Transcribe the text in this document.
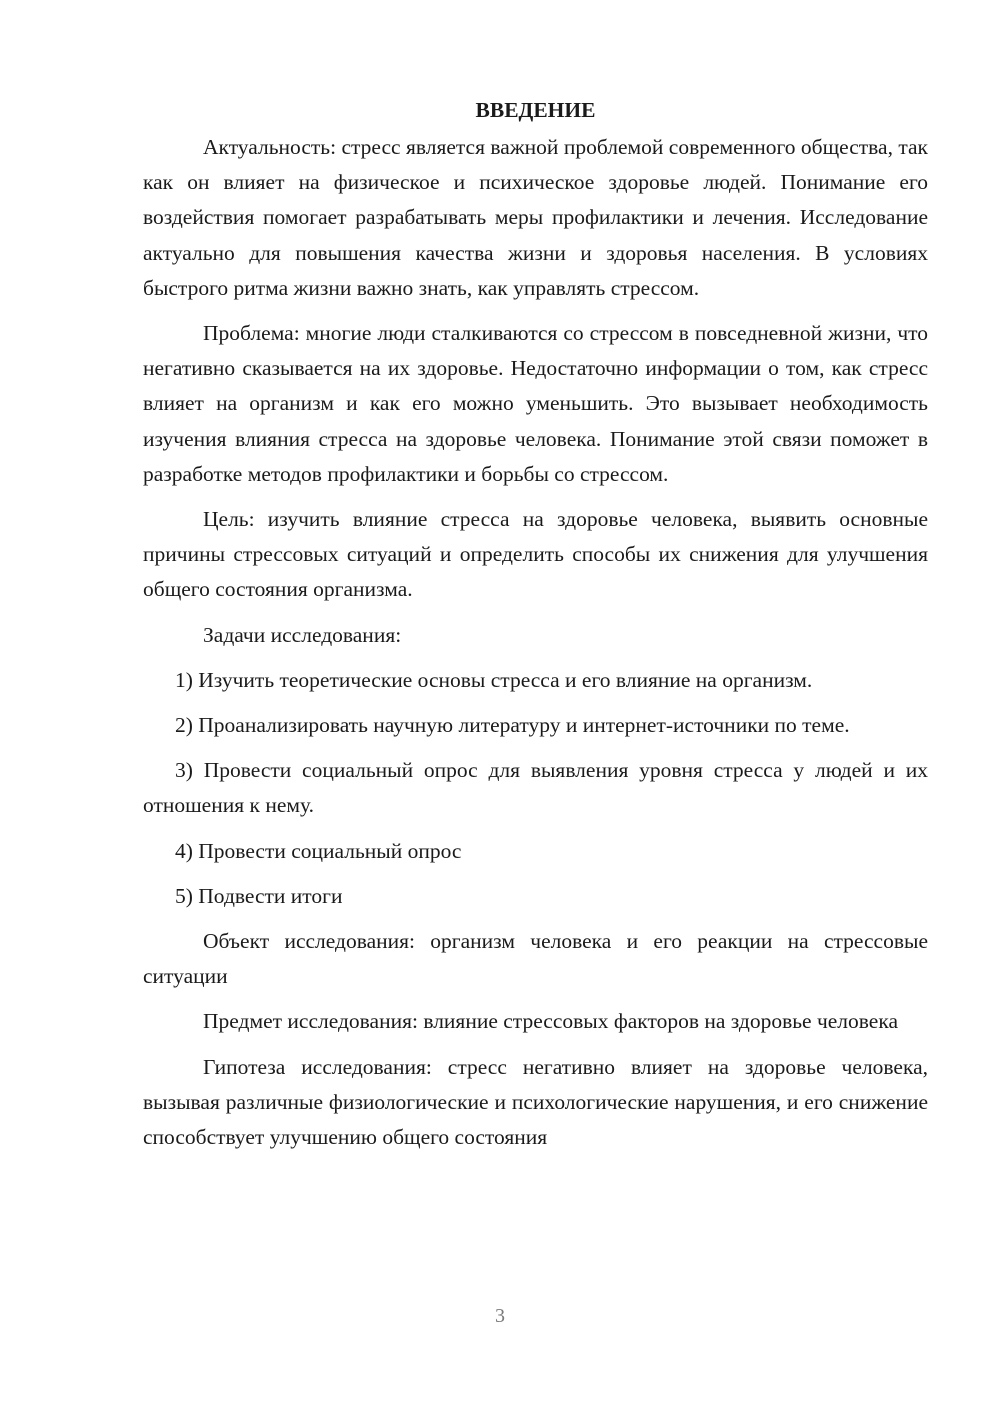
ВВЕДЕНИЕ

Актуальность: стресс является важной проблемой современного общества, так как он влияет на физическое и психическое здоровье людей. Понимание его воздействия помогает разрабатывать меры профилактики и лечения. Исследование актуально для повышения качества жизни и здоровья населения. В условиях быстрого ритма жизни важно знать, как управлять стрессом.

Проблема: многие люди сталкиваются со стрессом в повседневной жизни, что негативно сказывается на их здоровье. Недостаточно информации о том, как стресс влияет на организм и как его можно уменьшить. Это вызывает необходимость изучения влияния стресса на здоровье человека. Понимание этой связи поможет в разработке методов профилактики и борьбы со стрессом.

Цель: изучить влияние стресса на здоровье человека, выявить основные причины стрессовых ситуаций и определить способы их снижения для улучшения общего состояния организма.

Задачи исследования:

1) Изучить теоретические основы стресса и его влияние на организм.

2) Проанализировать научную литературу и интернет-источники по теме.

3) Провести социальный опрос для выявления уровня стресса у людей и их отношения к нему.

4) Провести социальный опрос

5) Подвести итоги

Объект исследования: организм человека и его реакции на стрессовые ситуации

Предмет исследования: влияние стрессовых факторов на здоровье человека

Гипотеза исследования: стресс негативно влияет на здоровье человека, вызывая различные физиологические и психологические нарушения, и его снижение способствует улучшению общего состояния

3
